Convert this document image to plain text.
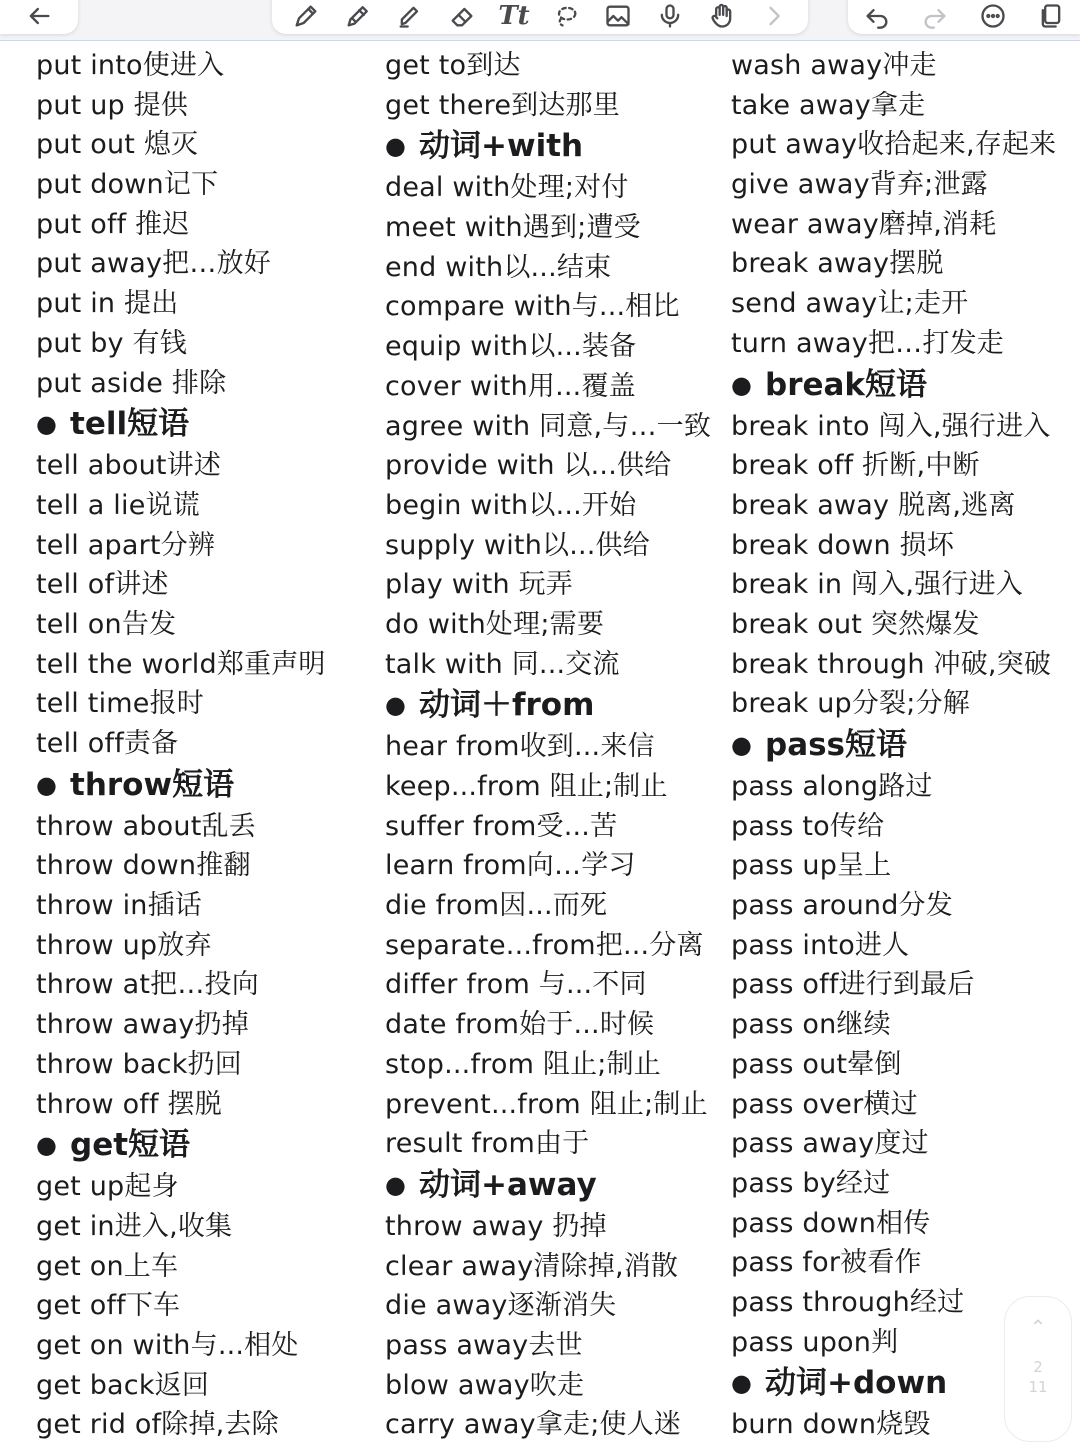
Tt
put into使进入
put up 提供
put out 熄灭
put down记下
put off 推迟
put away把…放好
put in 提出
put by 有钱
put aside 排除
● tell短语
tell about讲述
tell a lie说谎
tell apart分辨
tell of讲述
tell on告发
tell the world郑重声明
tell time报时
tell off责备
● throw短语
throw about乱丢
throw down推翻
throw in插话
throw up放弃
throw at把…投向
throw away扔掉
throw back扔回
throw off 摆脱
● get短语
get up起身
get in进入,收集
get on上车
get off下车
get on with与...相处
get back返回
get rid of除掉,去除
get to到达
get there到达那里
● 动词+with
deal with处理;对付
meet with遇到;遭受
end with以...结束
compare with与...相比
equip with以...装备
cover with用...覆盖
agree with 同意,与…一致
provide with 以...供给
begin with以...开始
supply with以...供给
play with 玩弄
do with处理;需要
talk with 同...交流
● 动词＋from
hear from收到...来信
keep...from 阻止;制止
suffer from受...苦
learn from向…学习
die from因...而死
separate...from把...分离
differ from 与...不同
date from始于...时候
stop...from 阻止;制止
prevent...from 阻止;制止
result from由于
● 动词+away
throw away 扔掉
clear away清除掉,消散
die away逐渐消失
pass away去世
blow away吹走
carry away拿走;使人迷
wash away冲走
take away拿走
put away收拾起来,存起来
give away背弃;泄露
wear away磨掉,消耗
break away摆脱
send away让;走开
turn away把…打发走
● break短语
break into 闯入,强行进入
break off 折断,中断
break away 脱离,逃离
break down 损坏
break in 闯入,强行进入
break out 突然爆发
break through 冲破,突破
break up分裂;分解
● pass短语
pass along路过
pass to传给
pass up呈上
pass around分发
pass into进人
pass off进行到最后
pass on继续
pass out晕倒
pass over横过
pass away度过
pass by经过
pass down相传
pass for被看作
pass through经过
pass upon判
● 动词+down
burn down烧毁
⌃
2
11
